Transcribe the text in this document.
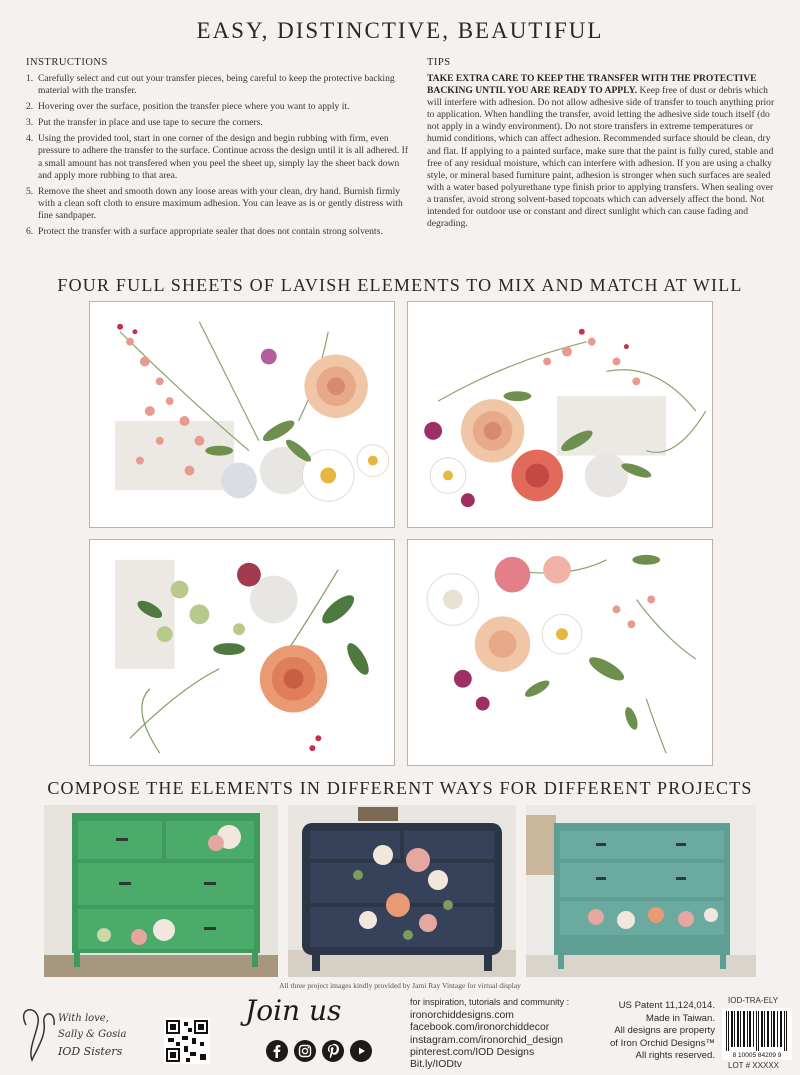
EASY, DISTINCTIVE, BEAUTIFUL
INSTRUCTIONS	TIPS
1. Carefully select and cut out your transfer pieces, being careful to keep the protective backing material with the transfer.
2. Hovering over the surface, position the transfer piece where you want to apply it.
3. Put the transfer in place and use tape to secure the corners.
4. Using the provided tool, start in one corner of the design and begin rubbing with firm, even pressure to adhere the transfer to the surface. Continue across the design until it is all adhered. If a small amount has not transfered when you peel the sheet up, simply lay the sheet back down and apply more rubbing to that area.
5. Remove the sheet and smooth down any loose areas with your clean, dry hand. Burnish firmly with a clean soft cloth to ensure maximum adhesion. You can leave as is or gently distress with fine sandpaper.
6. Protect the transfer with a surface appropriate sealer that does not contain strong solvents.
TAKE EXTRA CARE TO KEEP THE TRANSFER WITH THE PROTECTIVE BACKING UNTIL YOU ARE READY TO APPLY. Keep free of dust or debris which will interfere with adhesion. Do not allow adhesive side of transfer to touch anything prior to application. When handling the transfer, avoid letting the adhesive side touch itself (do not apply in a windy environment). Do not store transfers in extreme temperatures or humid conditions, which can affect adhesion. Recommended surface should be clean, dry and flat. If applying to a painted surface, make sure that the paint is fully cured, stable and free of any residual moisture, which can interfere with adhesion. If you are using a chalky style, or mineral based furniture paint, adhesion is stronger when such surfaces are sealed with a water based polyurethane type finish prior to applying transfers. When sealing over a transfer, avoid strong solvent-based topcoats which can adversely affect the bond. Not intended for outdoor use or constant and direct sunlight which can cause fading and degrading.
FOUR FULL SHEETS OF LAVISH ELEMENTS TO MIX AND MATCH AT WILL
COMPOSE THE ELEMENTS IN DIFFERENT WAYS FOR DIFFERENT PROJECTS
All three project images kindly provided by Jami Ray Vintage for virtual display
With love,
Sally & Gosia
IOD Sisters
Join us	for inspiration, tutorials and community :
ironorchiddesigns.com
facebook.com/ironorchiddecor
instagram.com/ironorchid_design
pinterest.com/IOD Designs
Bit.ly/IODtv
US Patent 11,124,014.
Made in Taiwan.
All designs are property
of Iron Orchid Designs™
All rights reserved.
IOD-TRA-ELY
8 10005 84209 9
LOT # XXXXX
